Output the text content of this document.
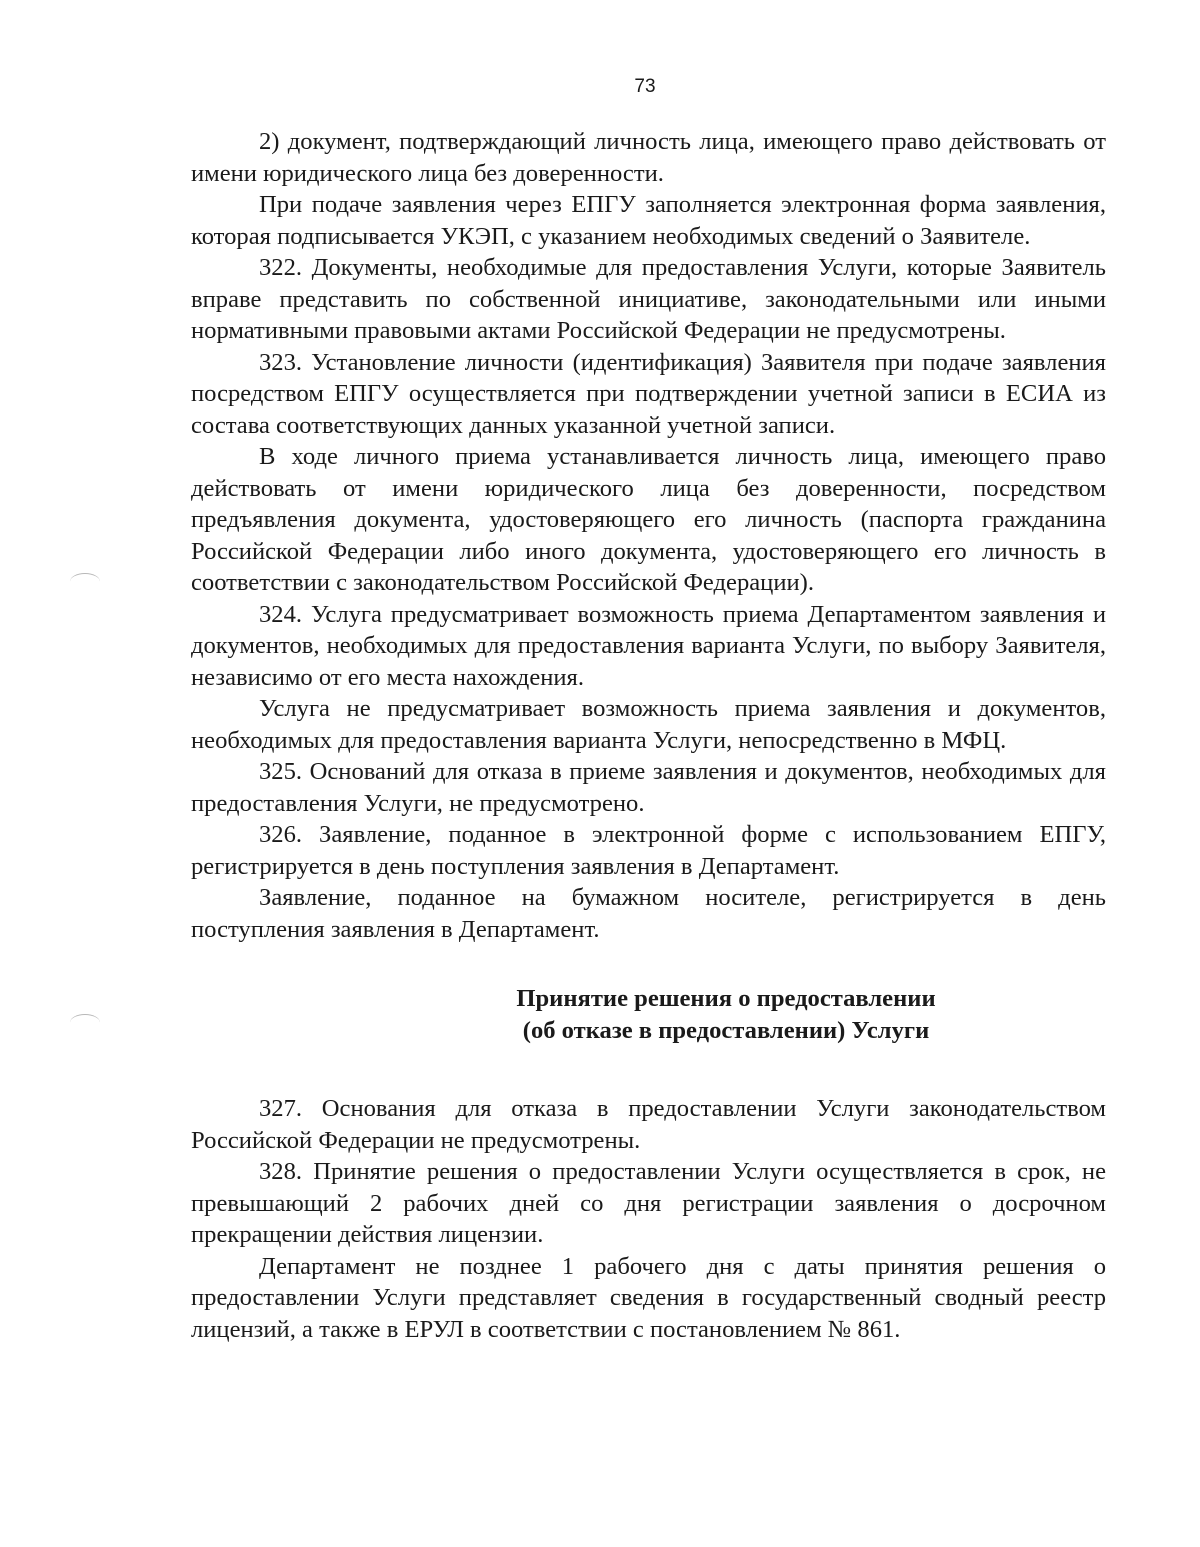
73

2) документ, подтверждающий личность лица, имеющего право действовать от имени юридического лица без доверенности.

При подаче заявления через ЕПГУ заполняется электронная форма заявления, которая подписывается УКЭП, с указанием необходимых сведений о Заявителе.

322. Документы, необходимые для предоставления Услуги, которые Заявитель вправе представить по собственной инициативе, законодательными или иными нормативными правовыми актами Российской Федерации не предусмотрены.

323. Установление личности (идентификация) Заявителя при подаче заявления посредством ЕПГУ осуществляется при подтверждении учетной записи в ЕСИА из состава соответствующих данных указанной учетной записи.

В ходе личного приема устанавливается личность лица, имеющего право действовать от имени юридического лица без доверенности, посредством предъявления документа, удостоверяющего его личность (паспорта гражданина Российской Федерации либо иного документа, удостоверяющего его личность в соответствии с законодательством Российской Федерации).

324. Услуга предусматривает возможность приема Департаментом заявления и документов, необходимых для предоставления варианта Услуги, по выбору Заявителя, независимо от его места нахождения.

Услуга не предусматривает возможность приема заявления и документов, необходимых для предоставления варианта Услуги, непосредственно в МФЦ.

325. Оснований для отказа в приеме заявления и документов, необходимых для предоставления Услуги, не предусмотрено.

326. Заявление, поданное в электронной форме с использованием ЕПГУ, регистрируется в день поступления заявления в Департамент.

Заявление, поданное на бумажном носителе, регистрируется в день поступления заявления в Департамент.

Принятие решения о предоставлении
(об отказе в предоставлении) Услуги

327. Основания для отказа в предоставлении Услуги законодательством Российской Федерации не предусмотрены.

328. Принятие решения о предоставлении Услуги осуществляется в срок, не превышающий 2 рабочих дней со дня регистрации заявления о досрочном прекращении действия лицензии.

Департамент не позднее 1 рабочего дня с даты принятия решения о предоставлении Услуги представляет сведения в государственный сводный реестр лицензий, а также в ЕРУЛ в соответствии с постановлением № 861.
